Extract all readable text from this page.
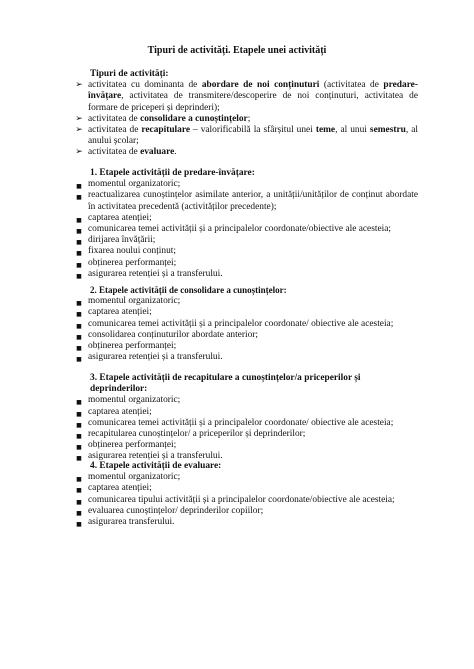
Tipuri de activități. Etapele unei activități
Tipuri de activități:
➢ activitatea cu dominanta de abordare de noi conținuturi (activitatea de predare-învățare, activitatea de transmitere/descoperire de noi conținuturi, activitatea de formare de priceperi și deprinderi);
➢ activitatea de consolidare a cunoștințelor;
➢ activitatea de recapitulare – valorificabilă la sfârșitul unei teme, al unui semestru, al anului școlar;
➢ activitatea de evaluare.
1. Etapele activității de predare-învățare:
■ momentul organizatoric;
■ reactualizarea cunoștințelor asimilate anterior, a unității/unităților de conținut abordate în activitatea precedentă (activităților precedente);
■ captarea atenției;
■ comunicarea temei activității și a principalelor coordonate/obiective ale acesteia;
■ dirijarea învățării;
■ fixarea noului conținut;
■ obținerea performanței;
■ asigurarea retenției și a transferului.
2. Etapele activității de consolidare a cunoștințelor:
■ momentul organizatoric;
■ captarea atenției;
■ comunicarea temei activității și a principalelor coordonate/ obiective ale acesteia;
■ consolidarea conținuturilor abordate anterior;
■ obținerea performanței;
■ asigurarea retenției și a transferului.
3. Etapele activității de recapitulare a cunoștințelor/a priceperilor și deprinderilor:
■ momentul organizatoric;
■ captarea atenției;
■ comunicarea temei activității și a principalelor coordonate/ obiective ale acesteia;
■ recapitularea cunoștințelor/ a priceperilor și deprinderilor;
■ obținerea performanței;
■ asigurarea retenției și a transferului.
4. Etapele activității de evaluare:
■ momentul organizatoric;
■ captarea atenției;
■ comunicarea tipului activității și a principalelor coordonate/obiective ale acesteia;
■ evaluarea cunoștințelor/ deprinderilor copiilor;
■ asigurarea transferului.
